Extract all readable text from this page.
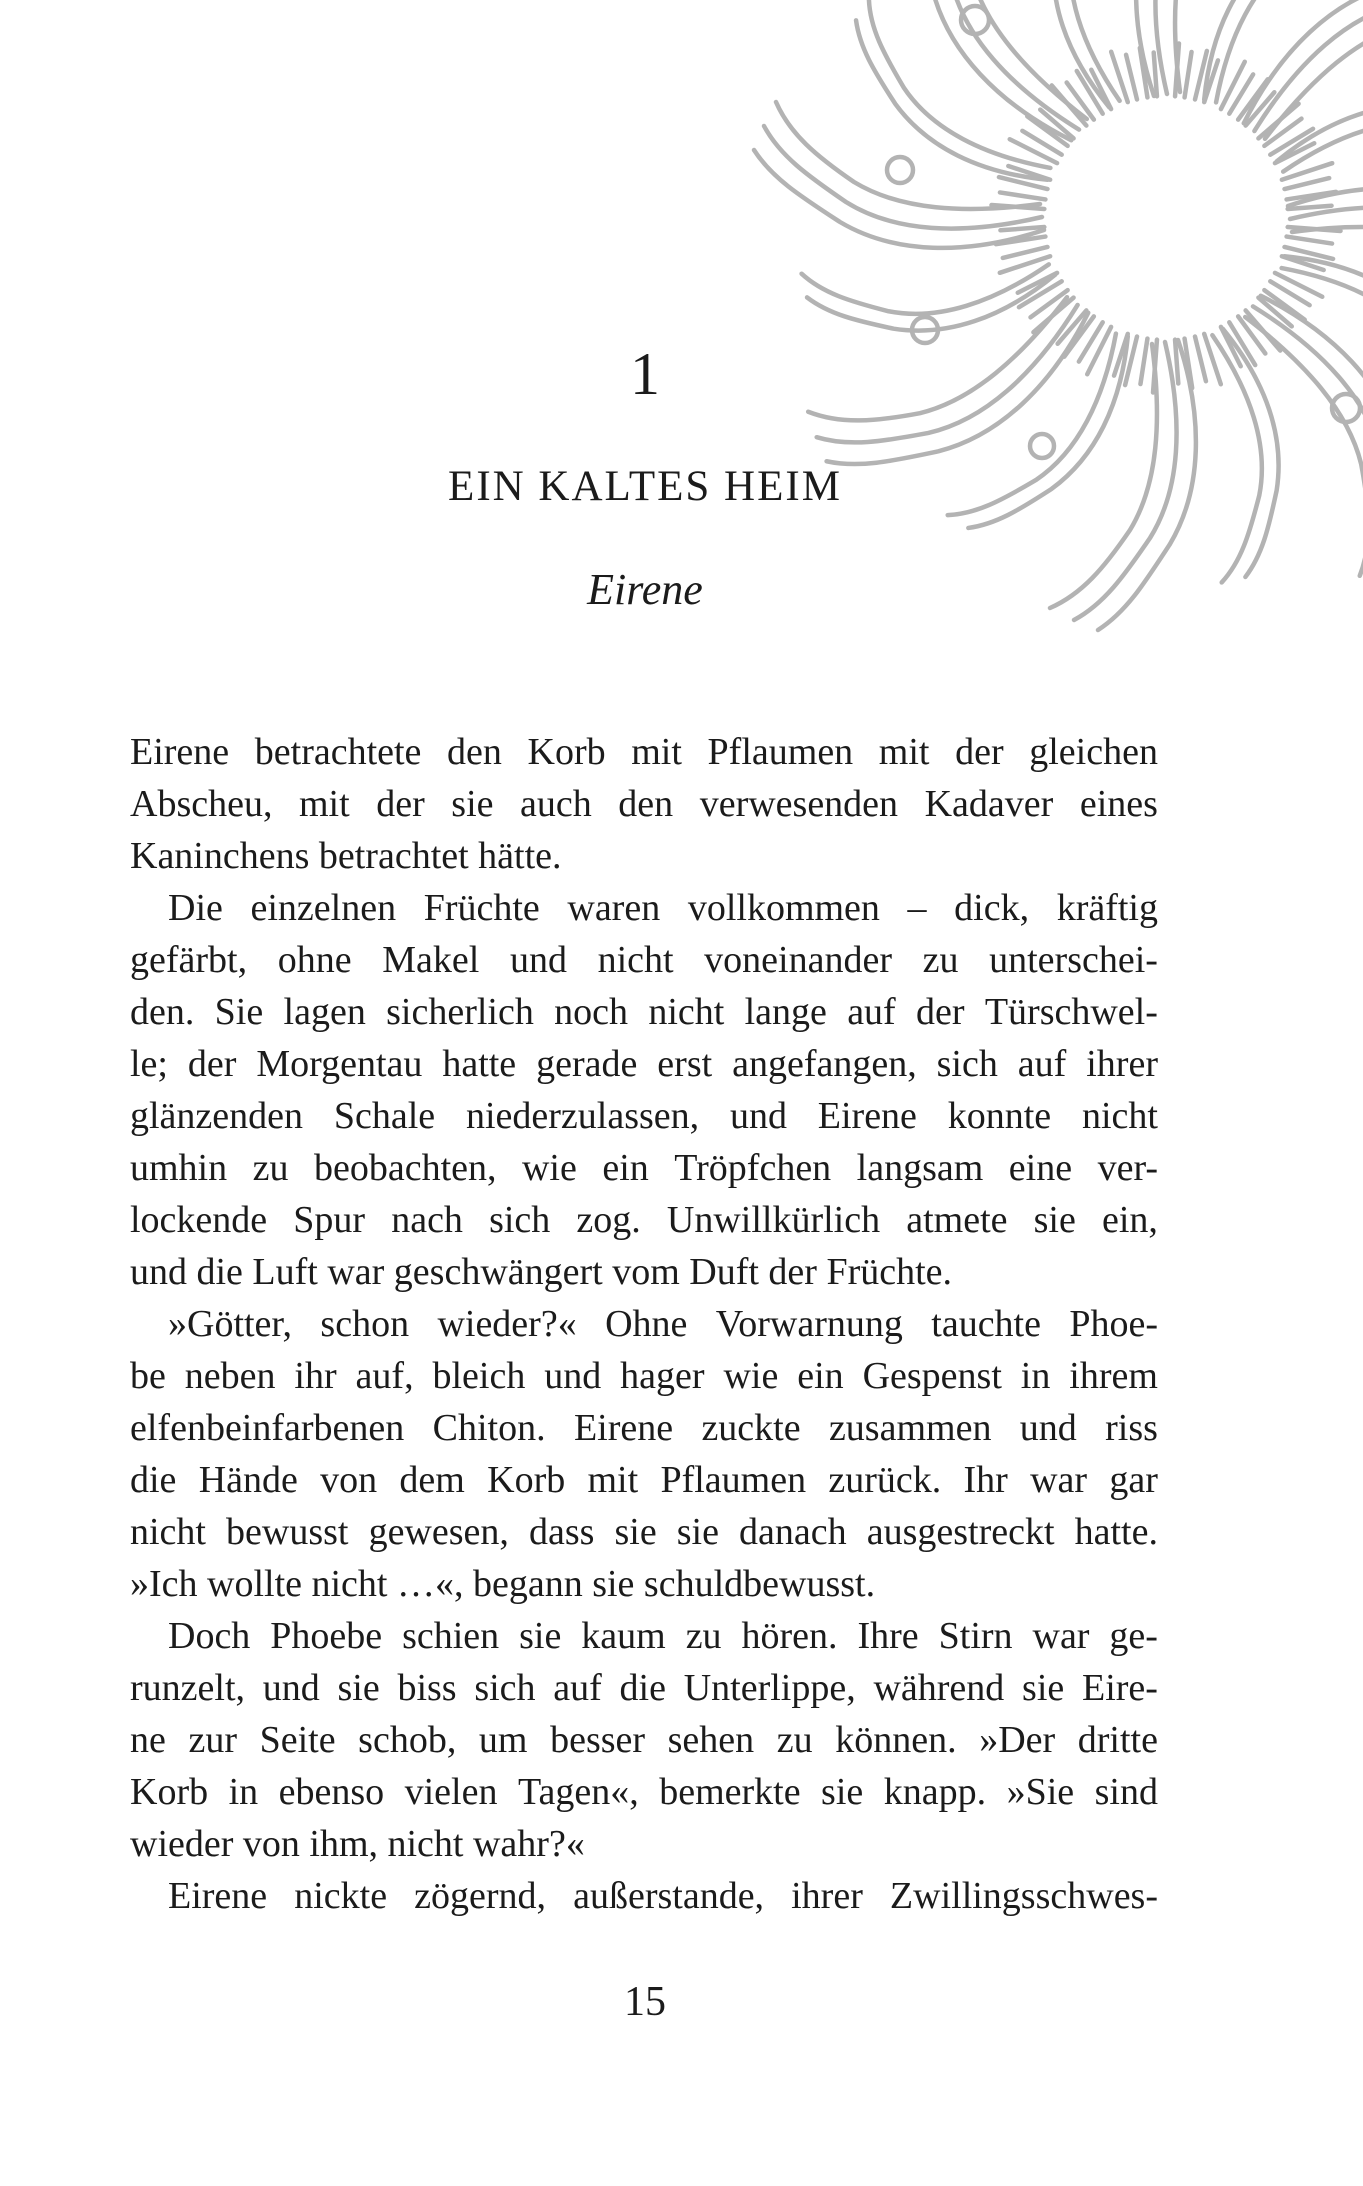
1
EIN KALTES HEIM
Eirene
Eirene betrachtete den Korb mit Pflaumen mit der gleichen
Abscheu, mit der sie auch den verwesenden Kadaver eines
Kaninchens betrachtet hätte.
Die einzelnen Früchte waren vollkommen – dick, kräftig
gefärbt, ohne Makel und nicht voneinander zu unterschei-
den. Sie lagen sicherlich noch nicht lange auf der Türschwel-
le; der Morgentau hatte gerade erst angefangen, sich auf ihrer
glänzenden Schale niederzulassen, und Eirene konnte nicht
umhin zu beobachten, wie ein Tröpfchen langsam eine ver-
lockende Spur nach sich zog. Unwillkürlich atmete sie ein,
und die Luft war geschwängert vom Duft der Früchte.
»Götter, schon wieder?« Ohne Vorwarnung tauchte Phoe-
be neben ihr auf, bleich und hager wie ein Gespenst in ihrem
elfenbeinfarbenen Chiton. Eirene zuckte zusammen und riss
die Hände von dem Korb mit Pflaumen zurück. Ihr war gar
nicht bewusst gewesen, dass sie sie danach ausgestreckt hatte.
»Ich wollte nicht …«, begann sie schuldbewusst.
Doch Phoebe schien sie kaum zu hören. Ihre Stirn war ge-
runzelt, und sie biss sich auf die Unterlippe, während sie Eire-
ne zur Seite schob, um besser sehen zu können. »Der dritte
Korb in ebenso vielen Tagen«, bemerkte sie knapp. »Sie sind
wieder von ihm, nicht wahr?«
Eirene nickte zögernd, außerstande, ihrer Zwillingsschwes-
15
